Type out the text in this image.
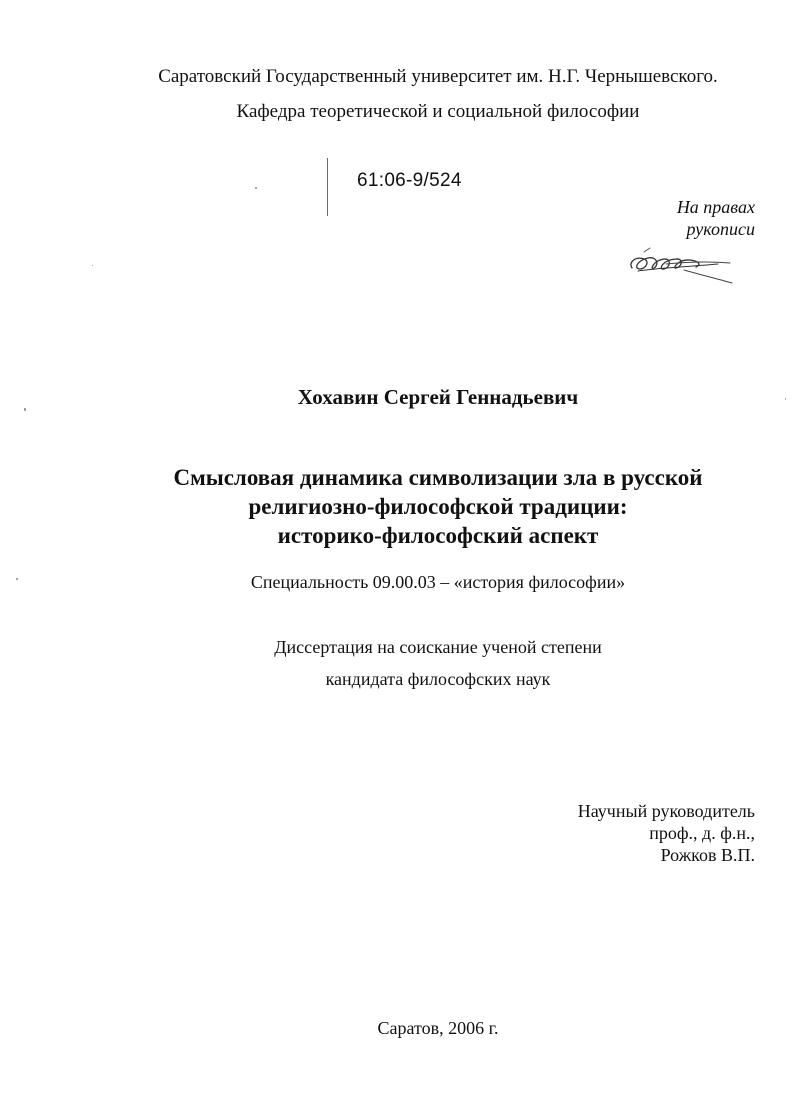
Саратовский Государственный университет им. Н.Г. Чернышевского.
Кафедра теоретической и социальной философии
61:06-9/524
На правах
рукописи
Хохавин Сергей Геннадьевич
Смысловая динамика символизации зла в русской
религиозно-философской традиции:
историко-философский аспект
Специальность 09.00.03 – «история философии»
Диссертация на соискание ученой степени
кандидата философских наук
Научный руководитель
проф., д. ф.н.,
Рожков В.П.
Саратов, 2006 г.
